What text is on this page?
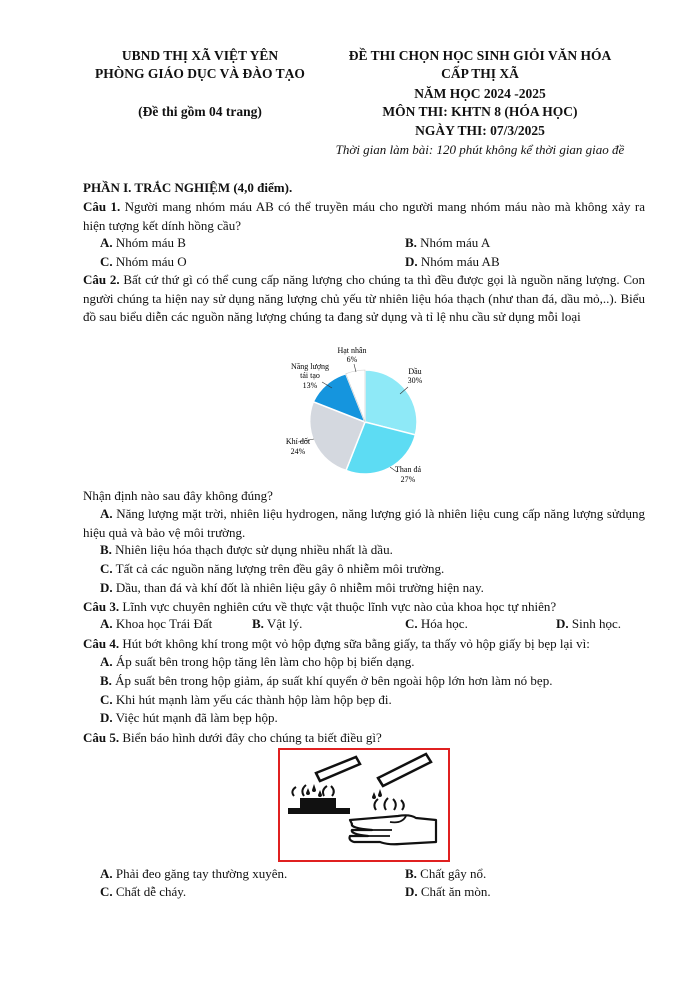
UBND THỊ XÃ VIỆT YÊN
PHÒNG GIÁO DỤC VÀ ĐÀO TẠO
(Đề thi gồm 04 trang)
ĐỀ THI CHỌN HỌC SINH GIỎI VĂN HÓA
CẤP THỊ XÃ
NĂM HỌC 2024 -2025
MÔN THI: KHTN 8 (HÓA HỌC)
NGÀY THI: 07/3/2025
Thời gian làm bài: 120 phút không kể thời gian giao đề
PHẦN I. TRẮC NGHIỆM (4,0 điểm).
Câu 1. Người mang nhóm máu AB có thể truyền máu cho người mang nhóm máu nào mà không xảy ra hiện tượng kết dính hồng cầu?
A. Nhóm máu B	B. Nhóm máu A
C. Nhóm máu O	D. Nhóm máu AB
Câu 2. Bất cứ thứ gì có thể cung cấp năng lượng cho chúng ta thì đều được gọi là nguồn năng lượng. Con người chúng ta hiện nay sử dụng năng lượng chủ yếu từ nhiên liệu hóa thạch (như than đá, dầu mỏ,..). Biểu đồ sau biểu diễn các nguồn năng lượng chúng ta đang sử dụng và tỉ lệ nhu cầu sử dụng mỗi loại
Dầu
30%
Than đá
27%
Khí đốt
24%
Năng lượng
tái tạo
13%
Hạt nhân
6%
Nhận định nào sau đây không đúng?
A. Năng lượng mặt trời, nhiên liệu hydrogen, năng lượng gió là nhiên liệu cung cấp năng lượng sửdụng hiệu quả và bảo vệ môi trường.
B. Nhiên liệu hóa thạch được sử dụng nhiều nhất là dầu.
C. Tất cả các nguồn năng lượng trên đều gây ô nhiễm môi trường.
D. Dầu, than đá và khí đốt là nhiên liệu gây ô nhiễm môi trường hiện nay.
Câu 3. Lĩnh vực chuyên nghiên cứu về thực vật thuộc lĩnh vực nào của khoa học tự nhiên?
A. Khoa học Trái Đất	B. Vật lý.	C. Hóa học.	D. Sinh học.
Câu 4. Hút bớt không khí trong một vỏ hộp đựng sữa bằng giấy, ta thấy vỏ hộp giấy bị bẹp lại vì:
A. Áp suất bên trong hộp tăng lên làm cho hộp bị biến dạng.
B. Áp suất bên trong hộp giảm, áp suất khí quyển ở bên ngoài hộp lớn hơn làm nó bẹp.
C. Khi hút mạnh làm yếu các thành hộp làm hộp bẹp đi.
D. Việc hút mạnh đã làm bẹp hộp.
Câu 5. Biển báo hình dưới đây cho chúng ta biết điều gì?
A. Phải đeo găng tay thường xuyên.	B. Chất gây nổ.
C. Chất dễ cháy.	D. Chất ăn mòn.
